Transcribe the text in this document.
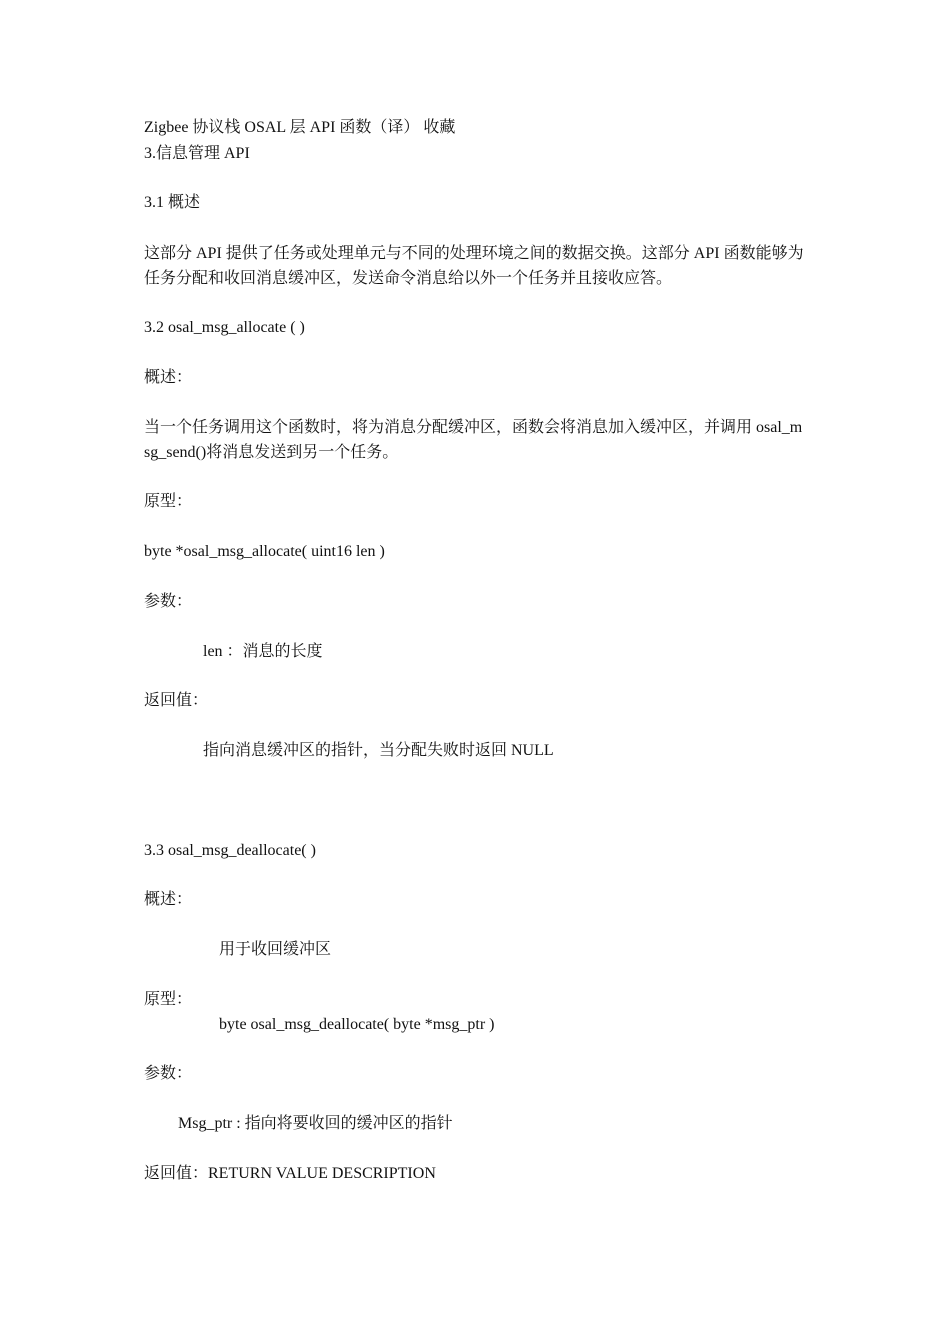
Zigbee 协议栈 OSAL 层 API 函数（译） 收藏
3.信息管理 API
3.1 概述
这部分 API 提供了任务或处理单元与不同的处理环境之间的数据交换。这部分 API 函数能够为任务分配和收回消息缓冲区，发送命令消息给以外一个任务并且接收应答。
3.2 osal_msg_allocate ( )
概述：
当一个任务调用这个函数时，将为消息分配缓冲区，函数会将消息加入缓冲区，并调用 osal_msg_send()将消息发送到另一个任务。
原型：
byte *osal_msg_allocate( uint16 len )
参数：
len ：消息的长度
返回值：
指向消息缓冲区的指针，当分配失败时返回 NULL
3.3 osal_msg_deallocate( )
概述：
用于收回缓冲区
原型：
byte osal_msg_deallocate( byte *msg_ptr )
参数：
Msg_ptr : 指向将要收回的缓冲区的指针
返回值：RETURN VALUE DESCRIPTION
